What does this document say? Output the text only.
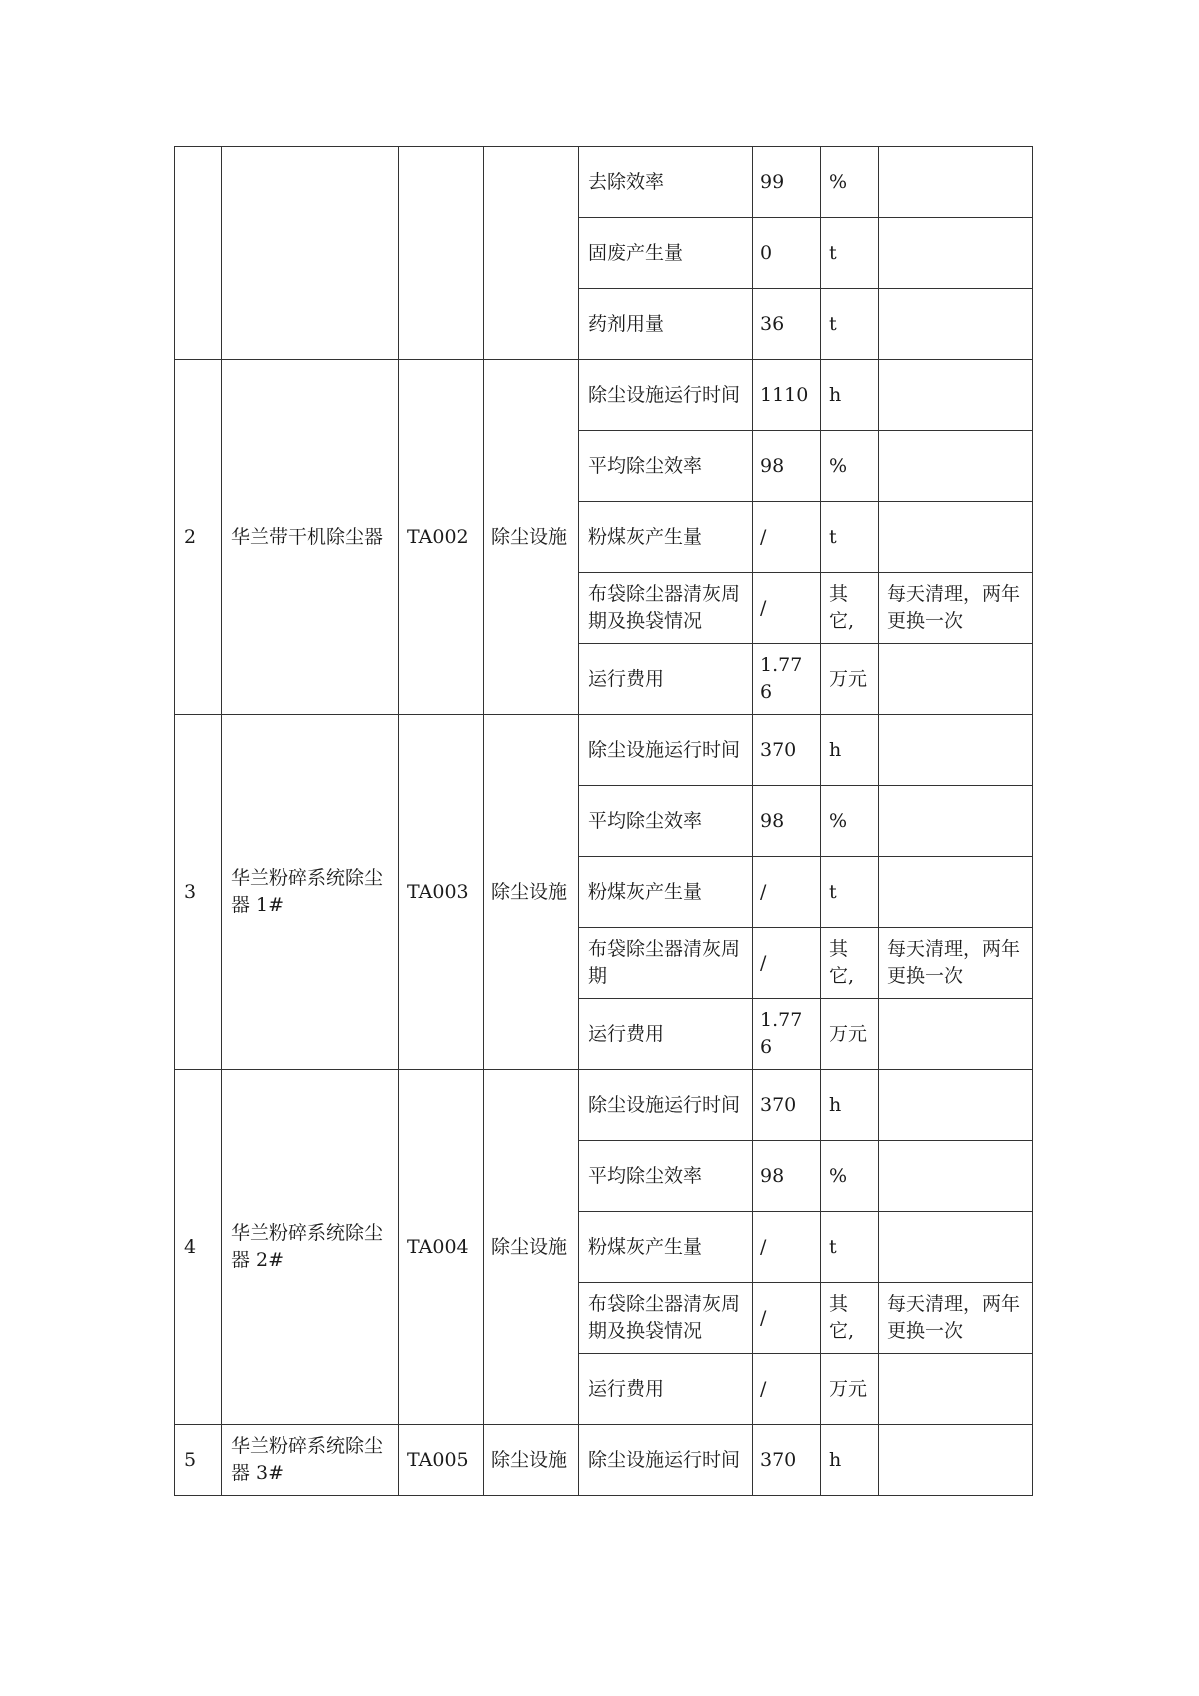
				去除效率	99	%	
				固废产生量	0	t	
				药剂用量	36	t	
2	华兰带干机除尘器	TA002	除尘设施	除尘设施运行时间	1110	h	
				平均除尘效率	98	%	
				粉煤灰产生量	/	t	
				布袋除尘器清灰周期及换袋情况	/	其它,	每天清理，两年更换一次
				运行费用	1.776	万元	
3	华兰粉碎系统除尘器 1#	TA003	除尘设施	除尘设施运行时间	370	h	
				平均除尘效率	98	%	
				粉煤灰产生量	/	t	
				布袋除尘器清灰周期	/	其它,	每天清理，两年更换一次
				运行费用	1.776	万元	
4	华兰粉碎系统除尘器 2#	TA004	除尘设施	除尘设施运行时间	370	h	
				平均除尘效率	98	%	
				粉煤灰产生量	/	t	
				布袋除尘器清灰周期及换袋情况	/	其它,	每天清理，两年更换一次
				运行费用	/	万元	
5	华兰粉碎系统除尘器 3#	TA005	除尘设施	除尘设施运行时间	370	h	
